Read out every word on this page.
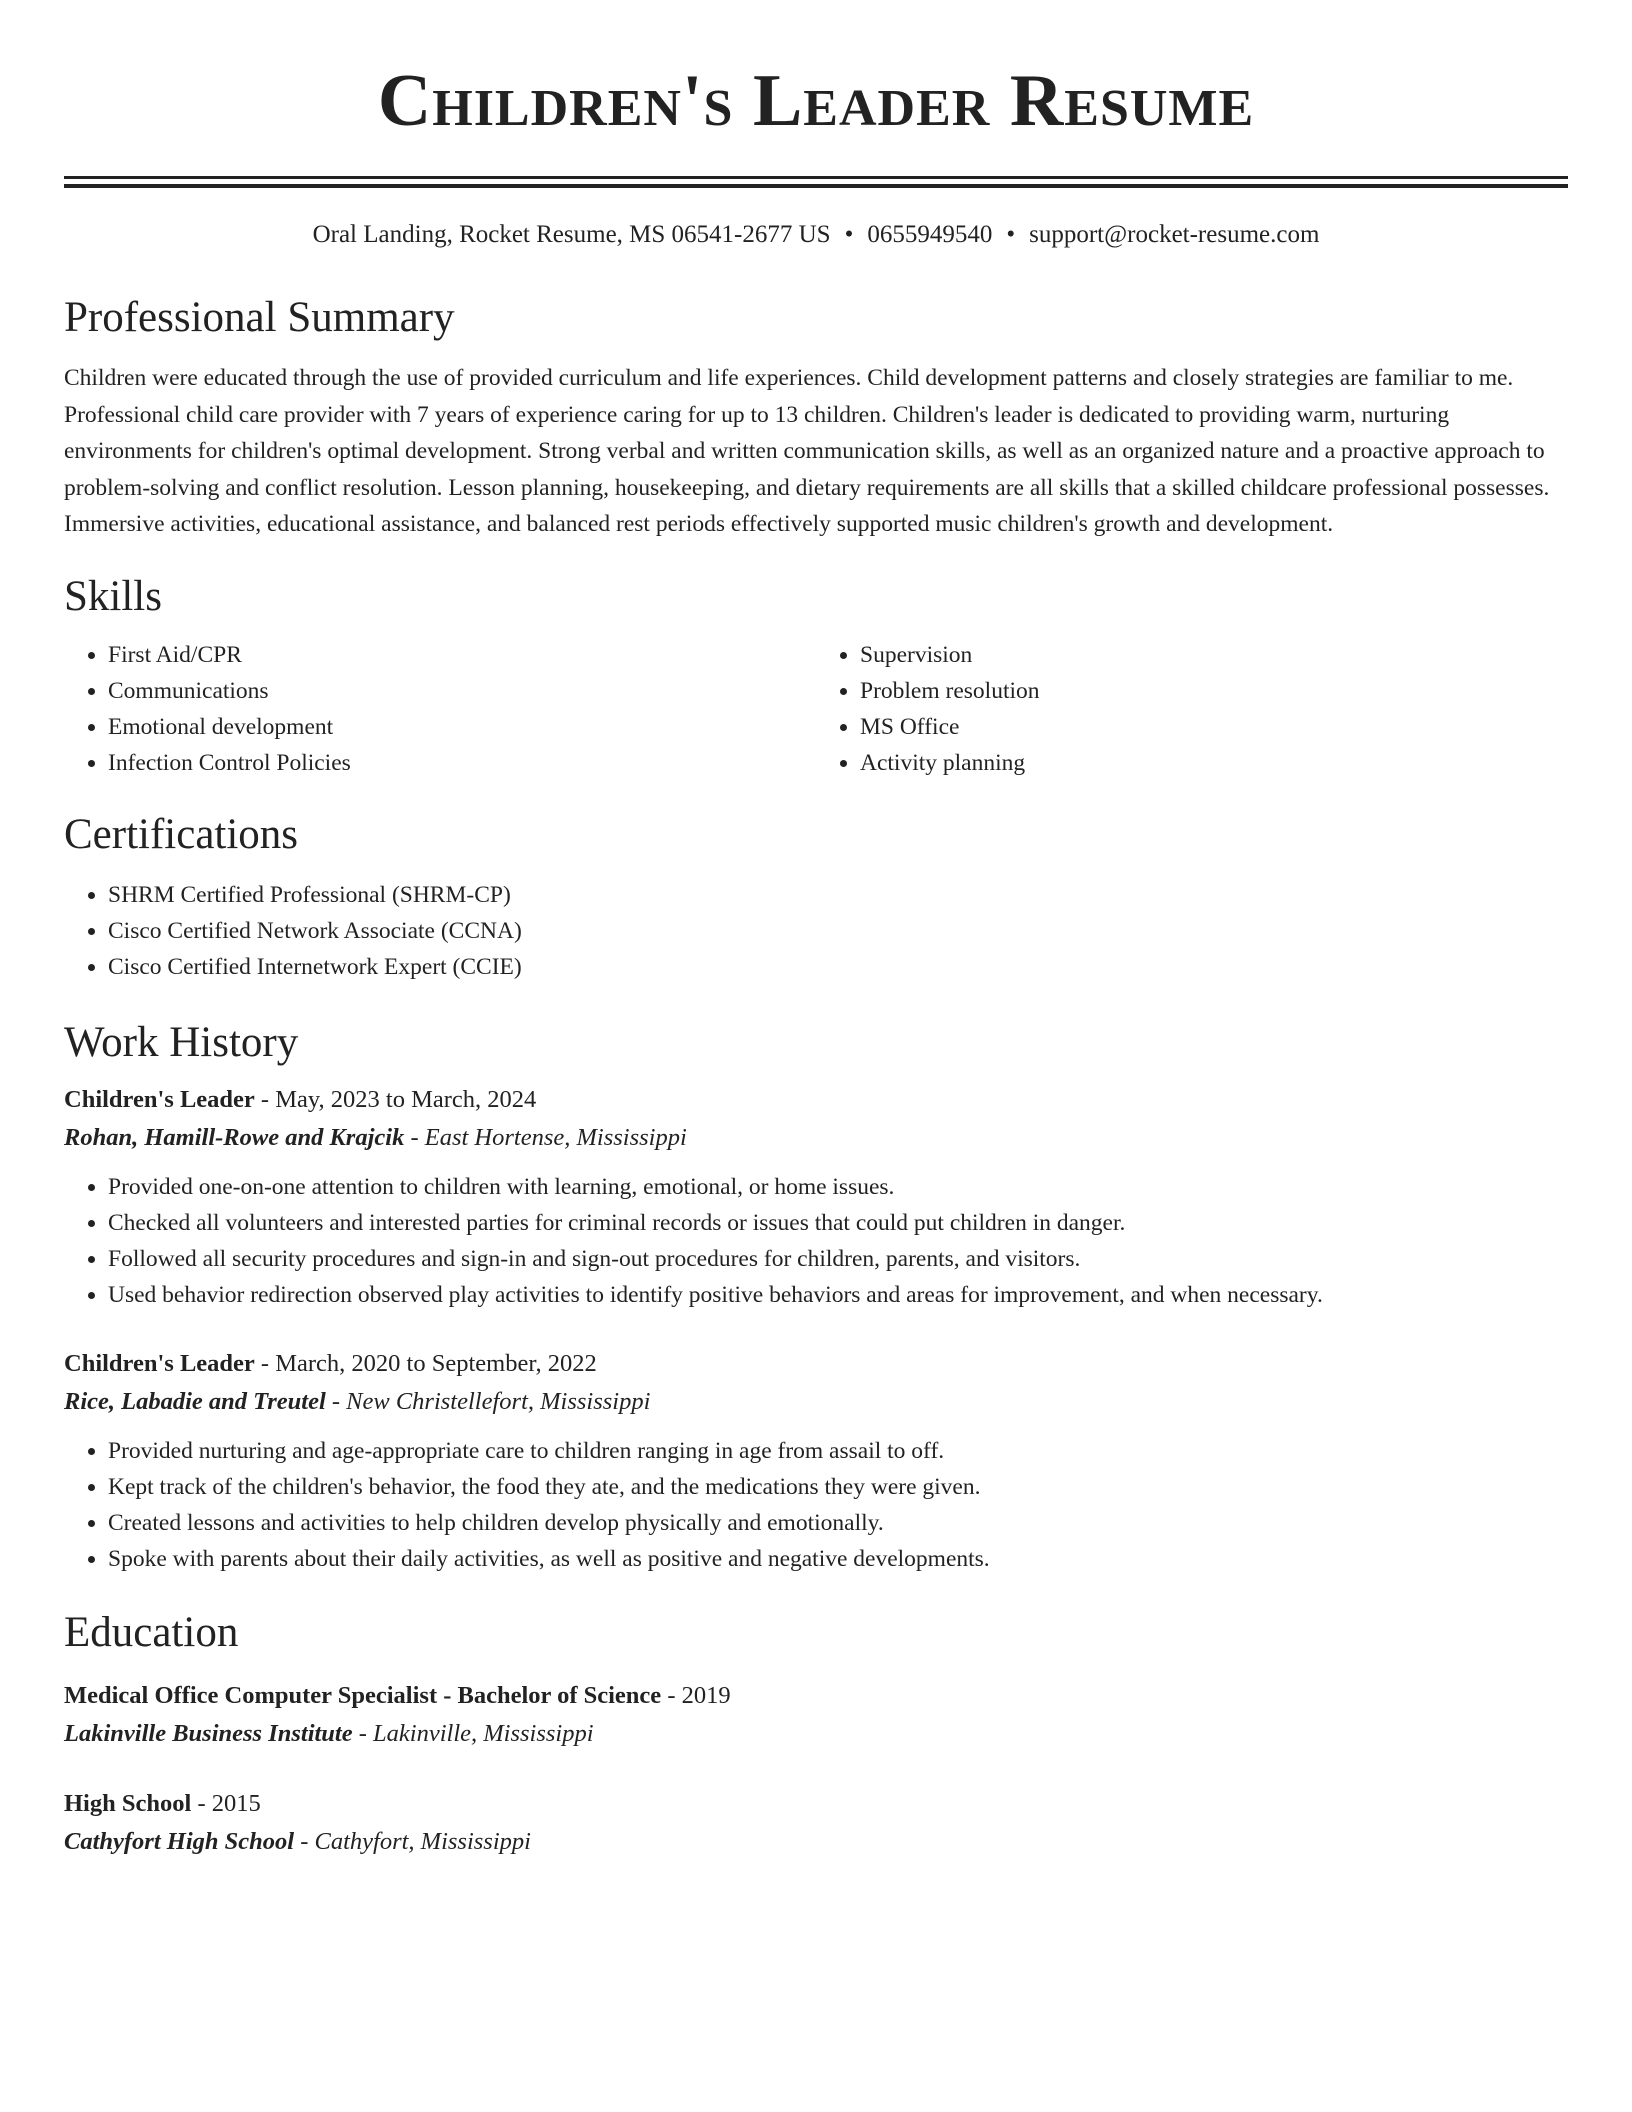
Children's Leader Resume
Oral Landing, Rocket Resume, MS 06541-2677 US • 0655949540 • support@rocket-resume.com
Professional Summary

Children were educated through the use of provided curriculum and life experiences. Child development patterns and closely strategies are familiar to me. Professional child care provider with 7 years of experience caring for up to 13 children. Children's leader is dedicated to providing warm, nurturing environments for children's optimal development. Strong verbal and written communication skills, as well as an organized nature and a proactive approach to problem-solving and conflict resolution. Lesson planning, housekeeping, and dietary requirements are all skills that a skilled childcare professional possesses. Immersive activities, educational assistance, and balanced rest periods effectively supported music children's growth and development.

Skills
• First Aid/CPR
• Communications
• Emotional development
• Infection Control Policies
• Supervision
• Problem resolution
• MS Office
• Activity planning
Certifications
• SHRM Certified Professional (SHRM-CP)
• Cisco Certified Network Associate (CCNA)
• Cisco Certified Internetwork Expert (CCIE)
Work History
Children's Leader - May, 2023 to March, 2024
Rohan, Hamill-Rowe and Krajcik - East Hortense, Mississippi
• Provided one-on-one attention to children with learning, emotional, or home issues.
• Checked all volunteers and interested parties for criminal records or issues that could put children in danger.
• Followed all security procedures and sign-in and sign-out procedures for children, parents, and visitors.
• Used behavior redirection observed play activities to identify positive behaviors and areas for improvement, and when necessary.
Children's Leader - March, 2020 to September, 2022
Rice, Labadie and Treutel - New Christellefort, Mississippi
• Provided nurturing and age-appropriate care to children ranging in age from assail to off.
• Kept track of the children's behavior, the food they ate, and the medications they were given.
• Created lessons and activities to help children develop physically and emotionally.
• Spoke with parents about their daily activities, as well as positive and negative developments.
Education
Medical Office Computer Specialist - Bachelor of Science - 2019
Lakinville Business Institute - Lakinville, Mississippi
High School - 2015
Cathyfort High School - Cathyfort, Mississippi
